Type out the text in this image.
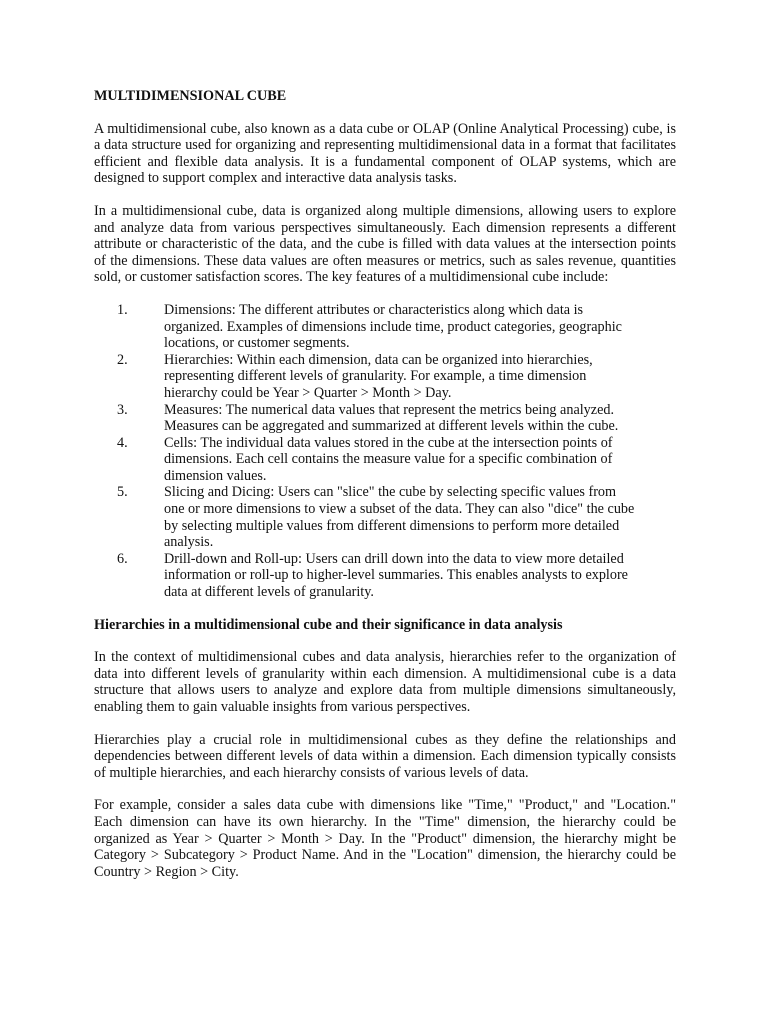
MULTIDIMENSIONAL CUBE

A multidimensional cube, also known as a data cube or OLAP (Online Analytical Processing) cube, is a data structure used for organizing and representing multidimensional data in a format that facilitates efficient and flexible data analysis. It is a fundamental component of OLAP systems, which are designed to support complex and interactive data analysis tasks.

In a multidimensional cube, data is organized along multiple dimensions, allowing users to explore and analyze data from various perspectives simultaneously. Each dimension represents a different attribute or characteristic of the data, and the cube is filled with data values at the intersection points of the dimensions. These data values are often measures or metrics, such as sales revenue, quantities sold, or customer satisfaction scores. The key features of a multidimensional cube include:

1.	Dimensions: The different attributes or characteristics along which data is organized. Examples of dimensions include time, product categories, geographic locations, or customer segments.
2.	Hierarchies: Within each dimension, data can be organized into hierarchies, representing different levels of granularity. For example, a time dimension hierarchy could be Year > Quarter > Month > Day.
3.	Measures: The numerical data values that represent the metrics being analyzed. Measures can be aggregated and summarized at different levels within the cube.
4.	Cells: The individual data values stored in the cube at the intersection points of dimensions. Each cell contains the measure value for a specific combination of dimension values.
5.	Slicing and Dicing: Users can "slice" the cube by selecting specific values from one or more dimensions to view a subset of the data. They can also "dice" the cube by selecting multiple values from different dimensions to perform more detailed analysis.
6.	Drill-down and Roll-up: Users can drill down into the data to view more detailed information or roll-up to higher-level summaries. This enables analysts to explore data at different levels of granularity.
Hierarchies in a multidimensional cube and their significance in data analysis

In the context of multidimensional cubes and data analysis, hierarchies refer to the organization of data into different levels of granularity within each dimension. A multidimensional cube is a data structure that allows users to analyze and explore data from multiple dimensions simultaneously, enabling them to gain valuable insights from various perspectives.

Hierarchies play a crucial role in multidimensional cubes as they define the relationships and dependencies between different levels of data within a dimension. Each dimension typically consists of multiple hierarchies, and each hierarchy consists of various levels of data.

For example, consider a sales data cube with dimensions like "Time," "Product," and "Location." Each dimension can have its own hierarchy. In the "Time" dimension, the hierarchy could be organized as Year > Quarter > Month > Day. In the "Product" dimension, the hierarchy might be Category > Subcategory > Product Name. And in the "Location" dimension, the hierarchy could be Country > Region > City.
